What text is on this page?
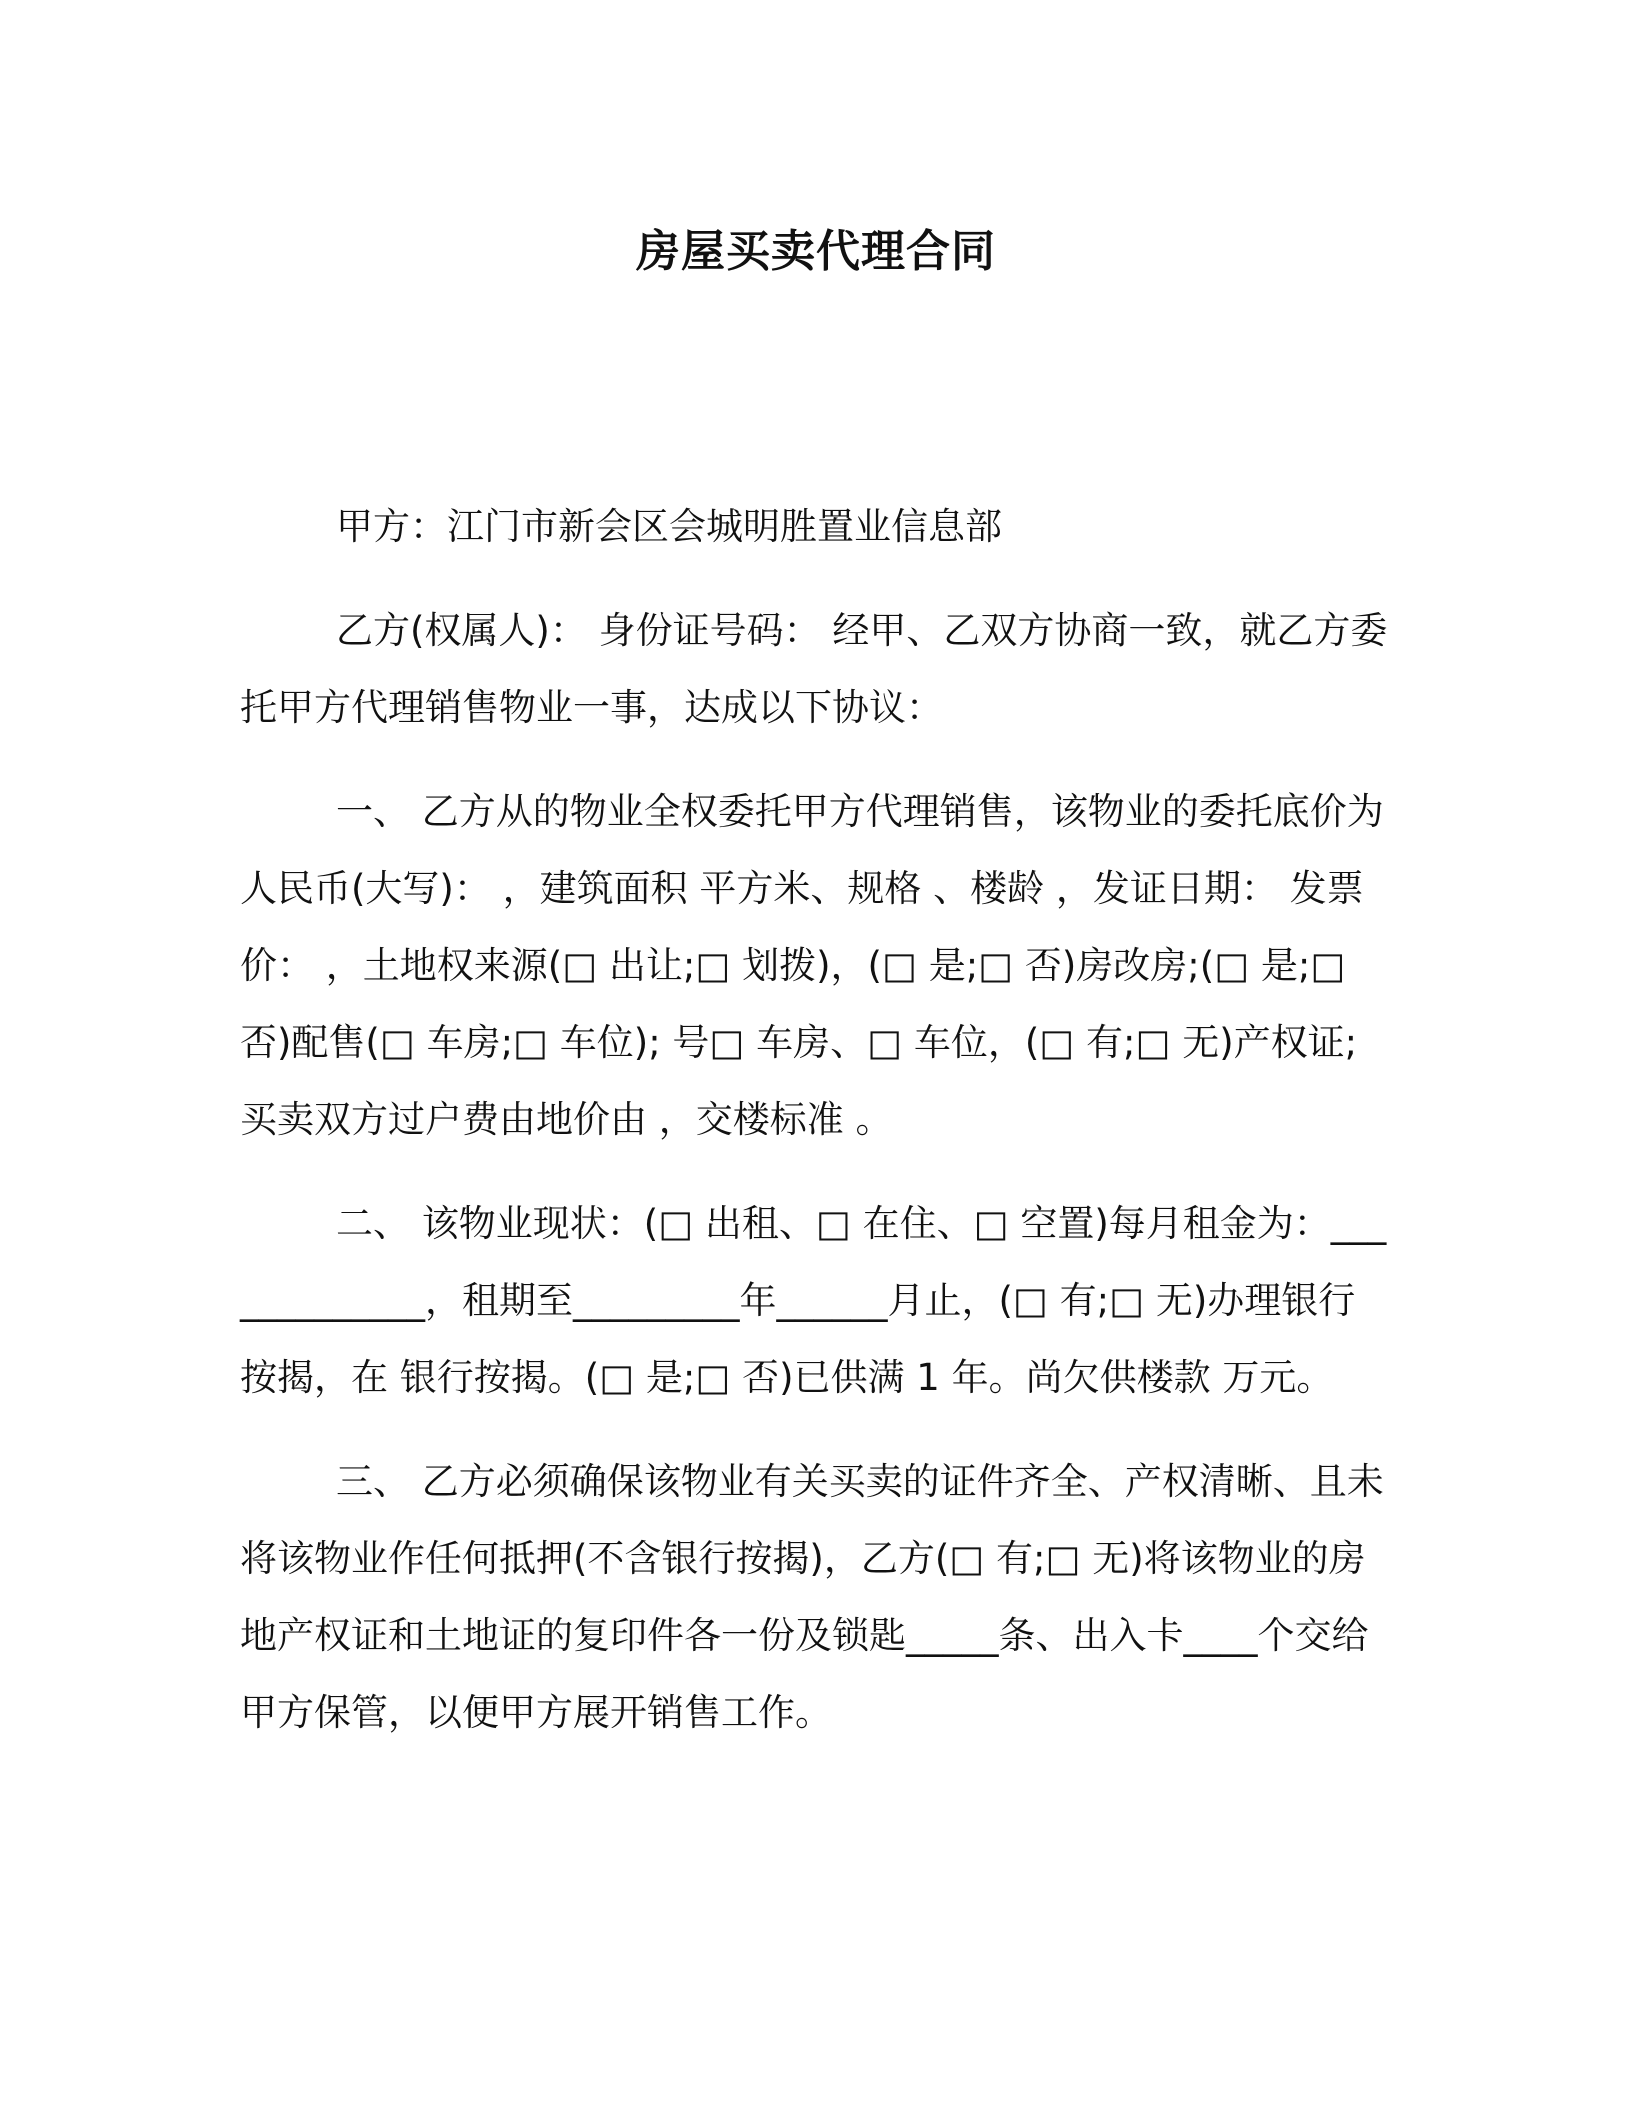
房屋买卖代理合同

甲方：江门市新会区会城明胜置业信息部

乙方(权属人)： 身份证号码： 经甲、乙双方协商一致，就乙方委托甲方代理销售物业一事，达成以下协议：

一、 乙方从的物业全权委托甲方代理销售，该物业的委托底价为人民币(大写)： ，建筑面积 平方米、规格 、楼龄 ，发证日期： 发票价： ，土地权来源(□ 出让;□ 划拨)，(□ 是;□ 否)房改房;(□ 是;□ 否)配售(□ 车房;□ 车位); 号□ 车房、□ 车位，(□ 有;□ 无)产权证;买卖双方过户费由地价由 ，交楼标准 。

二、 该物业现状：(□ 出租、□ 在住、□ 空置)每月租金为：_____________，租期至_________年______月止，(□ 有;□ 无)办理银行按揭，在 银行按揭。(□ 是;□ 否)已供满 1 年。尚欠供楼款 万元。

三、 乙方必须确保该物业有关买卖的证件齐全、产权清晰、且未将该物业作任何抵押(不含银行按揭)，乙方(□ 有;□ 无)将该物业的房地产权证和土地证的复印件各一份及锁匙_____条、出入卡____个交给甲方保管，以便甲方展开销售工作。
